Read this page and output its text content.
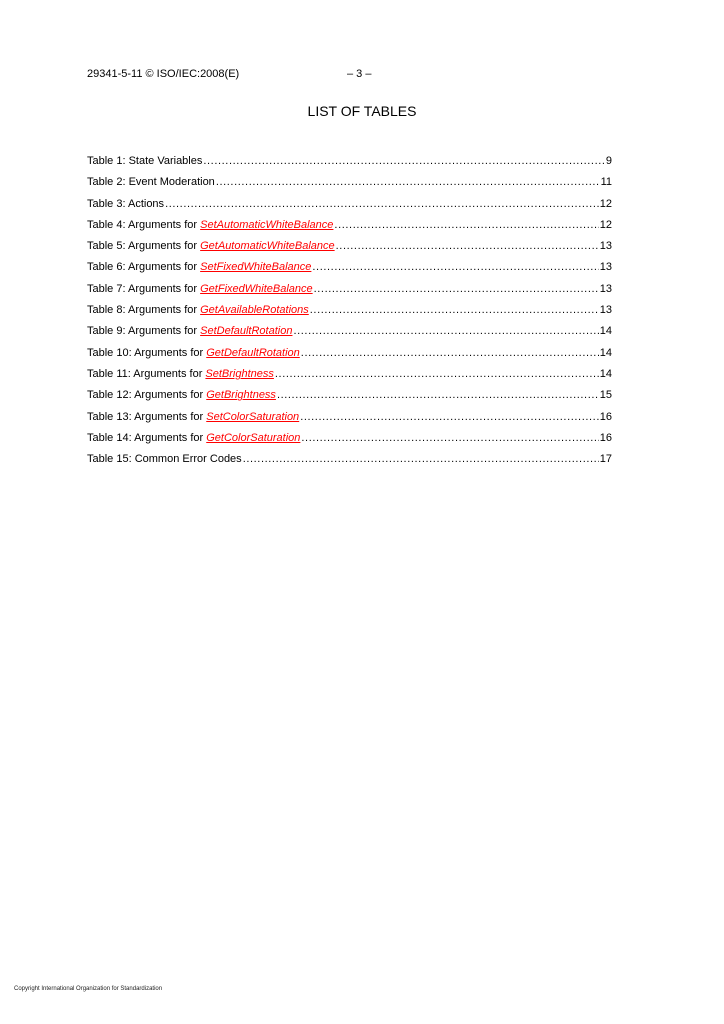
29341-5-11 © ISO/IEC:2008(E)	– 3 –
LIST OF TABLES
Table 1: State Variables .....	9
Table 2: Event Moderation .....	11
Table 3: Actions .....	12
Table 4: Arguments for SetAutomaticWhiteBalance .....	12
Table 5: Arguments for GetAutomaticWhiteBalance .....	13
Table 6: Arguments for SetFixedWhiteBalance .....	13
Table 7: Arguments for GetFixedWhiteBalance .....	13
Table 8: Arguments for GetAvailableRotations .....	13
Table 9: Arguments for SetDefaultRotation .....	14
Table 10: Arguments for GetDefaultRotation .....	14
Table 11: Arguments for SetBrightness .....	14
Table 12: Arguments for GetBrightness .....	15
Table 13: Arguments for SetColorSaturation .....	16
Table 14: Arguments for GetColorSaturation .....	16
Table 15: Common Error Codes .....	17
Copyright International Organization for Standardization
